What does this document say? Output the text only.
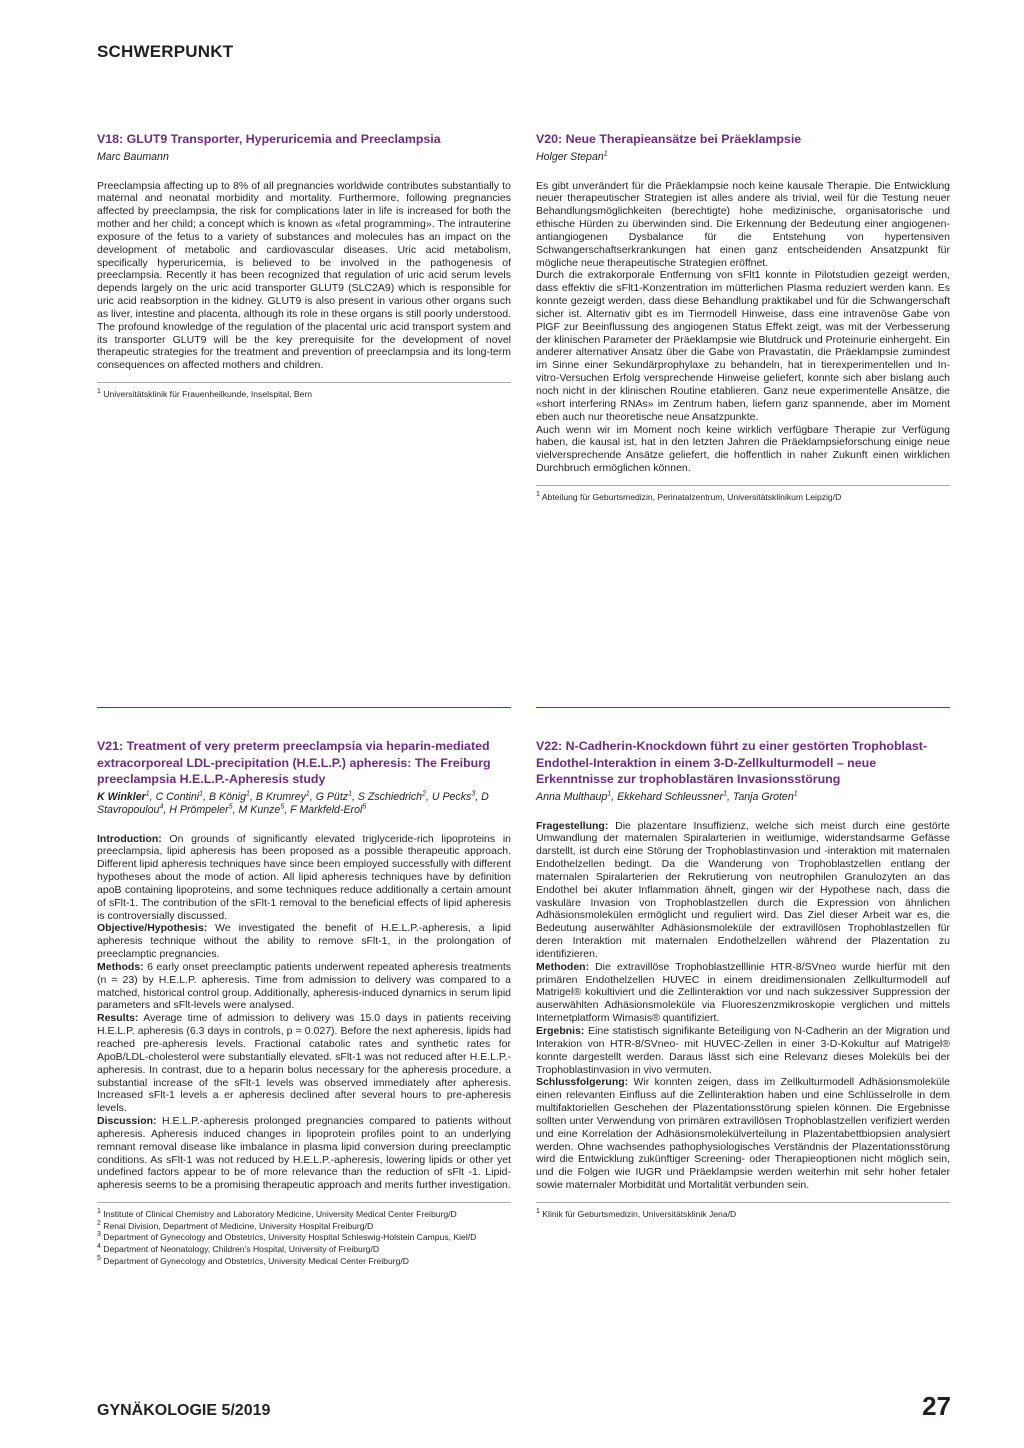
SCHWERPUNKT
V18: GLUT9 Transporter, Hyperuricemia and Preeclampsia

Marc Baumann

Preeclampsia affecting up to 8% of all pregnancies worldwide contributes substantially to maternal and neonatal morbidity and mortality. Furthermore, following pregnancies affected by preeclampsia, the risk for complications later in life is increased for both the mother and her child; a concept which is known as «fetal programming». The intrauterine exposure of the fetus to a variety of substances and molecules has an impact on the development of metabolic and cardiovascular diseases. Uric acid metabolism, specifically hyperuricemia, is believed to be involved in the pathogenesis of preeclampsia. Recently it has been recognized that regulation of uric acid serum levels depends largely on the uric acid transporter GLUT9 (SLC2A9) which is responsible for uric acid reabsorption in the kidney. GLUT9 is also present in various other organs such as liver, intestine and placenta, although its role in these organs is still poorly understood. The profound knowledge of the regulation of the placental uric acid transport system and its transporter GLUT9 will be the key prerequisite for the development of novel therapeutic strategies for the treatment and prevention of preeclampsia and its long-term consequences on affected mothers and children.

$^1$ Universitätsklinik für Frauenheilkunde, Inselspital, Bern

V20: Neue Therapieansätze bei Präeklampsie

Holger Stepan$^1$

Es gibt unverändert für die Präeklampsie noch keine kausale Therapie. Die Entwicklung neuer therapeutischer Strategien ist alles andere als trivial, weil für die Testung neuer Behandlungsmöglichkeiten (berechtigte) hohe medizinische, organisatorische und ethische Hürden zu überwinden sind. Die Erkennung der Bedeutung einer angiogenen-antiangiogenen Dysbalance für die Entstehung von hypertensiven Schwangerschaftserkrankungen hat einen ganz entscheidenden Ansatzpunkt für mögliche neue therapeutische Strategien eröffnet.

Durch die extrakorporale Entfernung von sFlt1 konnte in Pilotstudien gezeigt werden, dass effektiv die sFlt1-Konzentration im mütterlichen Plasma reduziert werden kann. Es konnte gezeigt werden, dass diese Behandlung praktikabel und für die Schwangerschaft sicher ist. Alternativ gibt es im Tiermodell Hinweise, dass eine intravenöse Gabe von PlGF zur Beeinflussung des angiogenen Status Effekt zeigt, was mit der Verbesserung der klinischen Parameter der Präeklampsie wie Blutdruck und Proteinurie einhergeht. Ein anderer alternativer Ansatz über die Gabe von Pravastatin, die Präeklampsie zumindest im Sinne einer Sekundärprophylaxe zu behandeln, hat in tierexperimentellen und In-vitro-Versuchen Erfolg versprechende Hinweise geliefert, konnte sich aber bislang auch noch nicht in der klinischen Routine etablieren. Ganz neue experimentelle Ansätze, die «short interfering RNAs» im Zentrum haben, liefern ganz spannende, aber im Moment eben auch nur theoretische neue Ansatzpunkte.

Auch wenn wir im Moment noch keine wirklich verfügbare Therapie zur Verfügung haben, die kausal ist, hat in den letzten Jahren die Präeklampsieforschung einige neue vielversprechende Ansätze geliefert, die hoffentlich in naher Zukunft einen wirklichen Durchbruch ermöglichen können.

$^1$ Abteilung für Geburtsmedizin, Perinatalzentrum, Universitätsklinikum Leipzig/D

V21: Treatment of very preterm preeclampsia via heparin-mediated extracorporeal LDL-precipitation (H.E.L.P.) apheresis: The Freiburg preeclampsia H.E.L.P.-Apheresis study

K Winkler$^1$, C Contini$^1$, B König$^1$, B Krumrey$^1$, G Pütz$^1$, S Zschiedrich$^2$, U Pecks$^3$, D Stavropoulou$^4$, H Prömpeler$^5$, M Kunze$^5$, F Markfeld-Erol$^5$

Introduction: On grounds of significantly elevated triglyceride-rich lipoproteins in preeclampsia, lipid apheresis has been proposed as a possible therapeutic approach. Different lipid apheresis techniques have since been employed successfully with different hypotheses about the mode of action. All lipid apheresis techniques have by definition apoB containing lipoproteins, and some techniques reduce additionally a certain amount of sFlt-1. The contribution of the sFlt-1 removal to the beneficial effects of lipid apheresis is controversially discussed.

Objective/Hypothesis: We investigated the benefit of H.E.L.P.-apheresis, a lipid apheresis technique without the ability to remove sFlt-1, in the prolongation of preeclamptic pregnancies.

Methods: 6 early onset preeclamptic patients underwent repeated apheresis treatments (n = 23) by H.E.L.P. apheresis. Time from admission to delivery was compared to a matched, historical control group. Additionally, apheresis-induced dynamics in serum lipid parameters and sFlt-levels were analysed.

Results: Average time of admission to delivery was 15.0 days in patients receiving H.E.L.P. apheresis (6.3 days in controls, p = 0.027). Before the next apheresis, lipids had reached pre-apheresis levels. Fractional catabolic rates and synthetic rates for ApoB/LDL-cholesterol were substantially elevated. sFlt-1 was not reduced after H.E.L.P.-apheresis. In contrast, due to a heparin bolus necessary for the apheresis procedure, a substantial increase of the sFlt-1 levels was observed immediately after apheresis. Increased sFlt-1 levels a er apheresis declined after several hours to pre-apheresis levels.

Discussion: H.E.L.P.-apheresis prolonged pregnancies compared to patients without apheresis. Apheresis induced changes in lipoprotein profiles point to an underlying remnant removal disease like imbalance in plasma lipid conversion during preeclamptic conditions. As sFlt-1 was not reduced by H.E.L.P.-apheresis, lowering lipids or other yet undefined factors appear to be of more relevance than the reduction of sFlt -1. Lipid-apheresis seems to be a promising therapeutic approach and merits further investigation.

$^1$ Institute of Clinical Chemistry and Laboratory Medicine, University Medical Center Freiburg/D

$^2$ Renal Division, Department of Medicine, University Hospital Freiburg/D

$^3$ Department of Gynecology and Obstetrics, University Hospital Schleswig-Holstein Campus, Kiel/D

$^4$ Department of Neonatology, Children’s Hospital, University of Freiburg/D

$^5$ Department of Gynecology and Obstetrics, University Medical Center Freiburg/D

V22: N-Cadherin-Knockdown führt zu einer gestörten Trophoblast-Endothel-Interaktion in einem 3-D-Zellkulturmodell – neue Erkenntnisse zur trophoblastären Invasionsstörung

Anna Multhaup$^1$, Ekkehard Schleussner$^1$, Tanja Groten$^1$

Fragestellung: Die plazentare Insuffizienz, welche sich meist durch eine gestörte Umwandlung der maternalen Spiralarterien in weitlumige, widerstandsarme Gefässe darstellt, ist durch eine Störung der Trophoblastinvasion und -interaktion mit maternalen Endothelzellen bedingt. Da die Wanderung von Trophoblastzellen entlang der maternalen Spiralarterien der Rekrutierung von neutrophilen Granulozyten an das Endothel bei akuter Inflammation ähnelt, gingen wir der Hypothese nach, dass die vaskuläre Invasion von Trophoblastzellen durch die Expression von ähnlichen Adhäsionsmolekülen ermöglicht und reguliert wird. Das Ziel dieser Arbeit war es, die Bedeutung auserwählter Adhäsionsmoleküle der extravillösen Trophoblastzellen für deren Interaktion mit maternalen Endothelzellen während der Plazentation zu identifizieren.

Methoden: Die extravillöse Trophoblastzelllinie HTR-8/SVneo wurde hierfür mit den primären Endothelzellen HUVEC in einem dreidimensionalen Zellkulturmodell auf Matrigel® kokultiviert und die Zellinteraktion vor und nach sukzessiver Suppression der auserwählten Adhäsionsmoleküle via Fluoreszenzmikroskopie verglichen und mittels Internetplatform Wimasis® quantifiziert.

Ergebnis: Eine statistisch signifikante Beteiligung von N-Cadherin an der Migration und Interakion von HTR-8/SVneo- mit HUVEC-Zellen in einer 3-D-Kokultur auf Matrigel® konnte dargestellt werden. Daraus lässt sich eine Relevanz dieses Moleküls bei der Trophoblastinvasion in vivo vermuten.

Schlussfolgerung: Wir konnten zeigen, dass im Zellkulturmodell Adhäsionsmoleküle einen relevanten Einfluss auf die Zellinteraktion haben und eine Schlüsselrolle in dem multifaktoriellen Geschehen der Plazentationsstörung spielen können. Die Ergebnisse sollten unter Verwendung von primären extravillösen Trophoblastzellen verifiziert werden und eine Korrelation der Adhäsionsmolekülverteilung in Plazentabettbiopsien analysiert werden. Ohne wachsendes pathophysiologisches Verständnis der Plazentationsstörung wird die Entwicklung zukünftiger Screening- oder Therapieoptionen nicht möglich sein, und die Folgen wie IUGR und Präeklampsie werden weiterhin mit sehr hoher fetaler sowie maternaler Morbidität und Mortalität verbunden sein.

$^1$ Klinik für Geburtsmedizin, Universitätsklinik Jena/D

GYNÄKOLOGIE 5/2019	27
